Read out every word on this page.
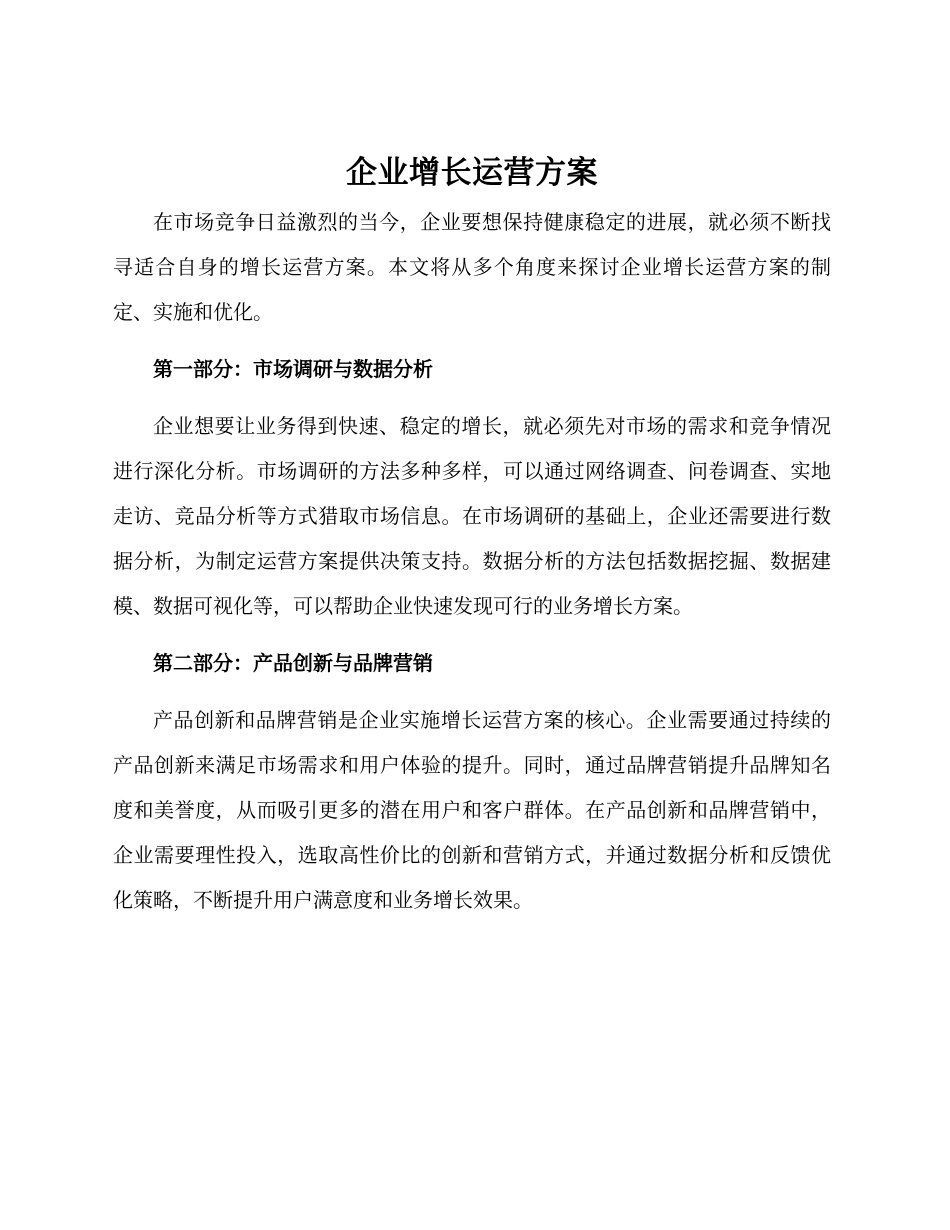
企业增长运营方案

在市场竞争日益激烈的当今，企业要想保持健康稳定的进展，就必须不断找寻适合自身的增长运营方案。本文将从多个角度来探讨企业增长运营方案的制定、实施和优化。

第一部分：市场调研与数据分析

企业想要让业务得到快速、稳定的增长，就必须先对市场的需求和竞争情况进行深化分析。市场调研的方法多种多样，可以通过网络调查、问卷调查、实地走访、竞品分析等方式猎取市场信息。在市场调研的基础上，企业还需要进行数据分析，为制定运营方案提供决策支持。数据分析的方法包括数据挖掘、数据建模、数据可视化等，可以帮助企业快速发现可行的业务增长方案。

第二部分：产品创新与品牌营销

产品创新和品牌营销是企业实施增长运营方案的核心。企业需要通过持续的产品创新来满足市场需求和用户体验的提升。同时，通过品牌营销提升品牌知名度和美誉度，从而吸引更多的潜在用户和客户群体。在产品创新和品牌营销中，企业需要理性投入，选取高性价比的创新和营销方式，并通过数据分析和反馈优化策略，不断提升用户满意度和业务增长效果。
